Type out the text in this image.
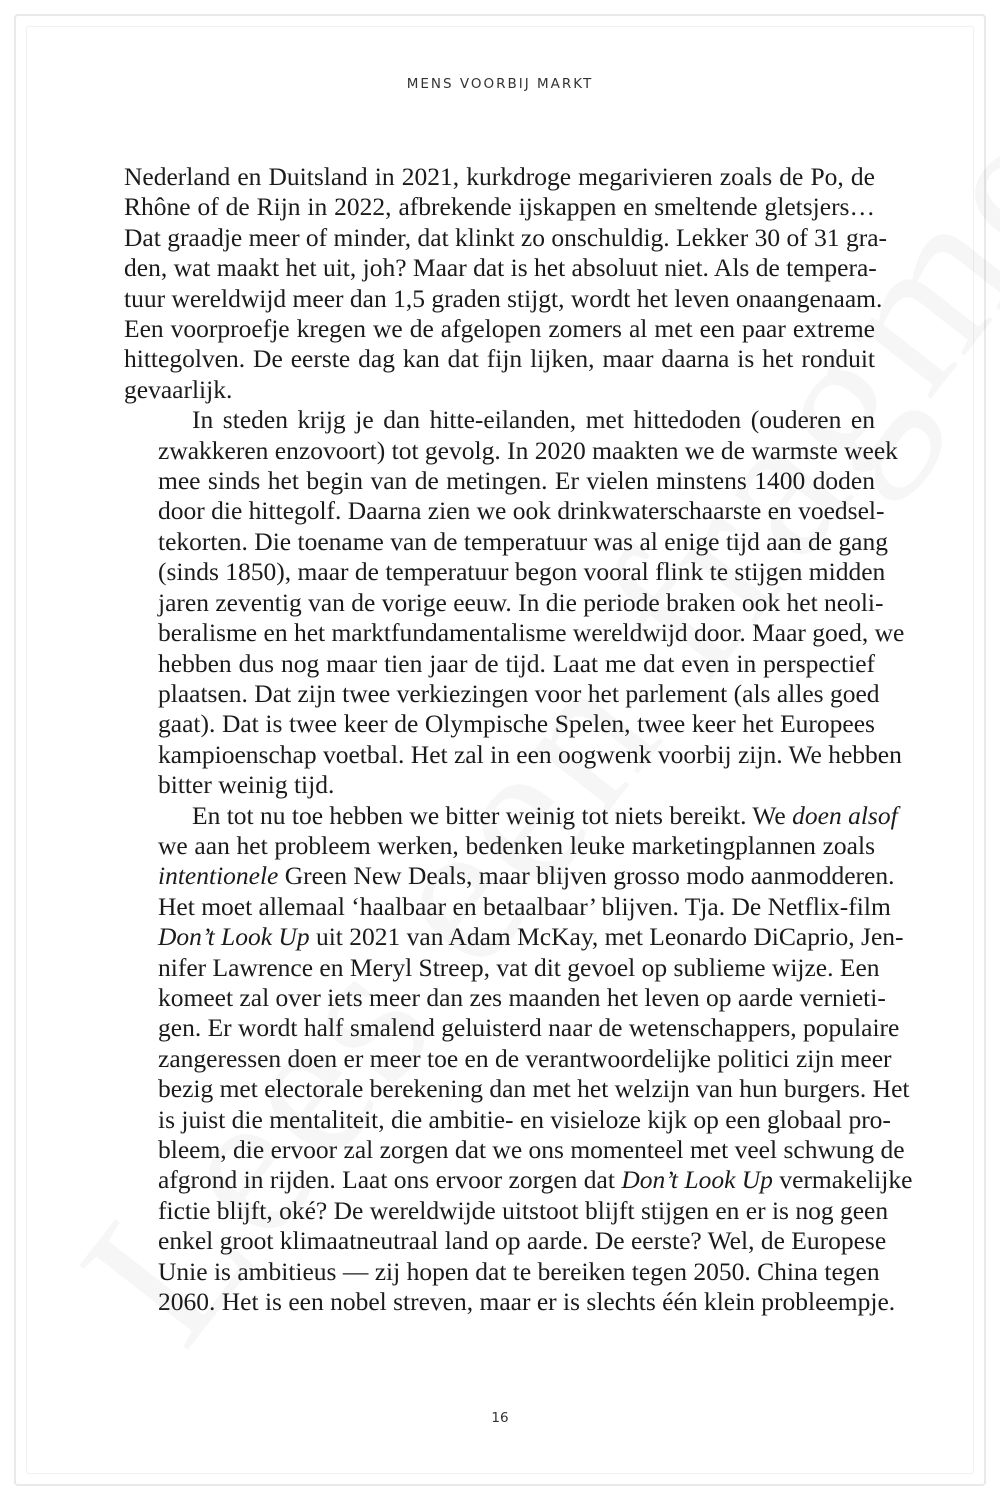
MENS VOORBIJ MARKT

Nederland en Duitsland in 2021, kurkdroge megarivieren zoals de Po, de
Rhône of de Rijn in 2022, afbrekende ijskappen en smeltende gletsjers…
Dat graadje meer of minder, dat klinkt zo onschuldig. Lekker 30 of 31 gra-
den, wat maakt het uit, joh? Maar dat is het absoluut niet. Als de tempera-
tuur wereldwijd meer dan 1,5 graden stijgt, wordt het leven onaangenaam.
Een voorproefje kregen we de afgelopen zomers al met een paar extreme
hittegolven. De eerste dag kan dat fijn lijken, maar daarna is het ronduit
gevaarlijk.

In steden krijg je dan hitte-eilanden, met hittedoden (ouderen en
zwakkeren enzovoort) tot gevolg. In 2020 maakten we de warmste week
mee sinds het begin van de metingen. Er vielen minstens 1400 doden
door die hittegolf. Daarna zien we ook drinkwaterschaarste en voedsel-
tekorten. Die toename van de temperatuur was al enige tijd aan de gang
(sinds 1850), maar de temperatuur begon vooral flink te stijgen midden
jaren zeventig van de vorige eeuw. In die periode braken ook het neoli-
beralisme en het marktfundamentalisme wereldwijd door. Maar goed, we
hebben dus nog maar tien jaar de tijd. Laat me dat even in perspectief
plaatsen. Dat zijn twee verkiezingen voor het parlement (als alles goed
gaat). Dat is twee keer de Olympische Spelen, twee keer het Europees
kampioenschap voetbal. Het zal in een oogwenk voorbij zijn. We hebben
bitter weinig tijd.

En tot nu toe hebben we bitter weinig tot niets bereikt. We doen alsof
we aan het probleem werken, bedenken leuke marketingplannen zoals
intentionele Green New Deals, maar blijven grosso modo aanmodderen.
Het moet allemaal ‘haalbaar en betaalbaar’ blijven. Tja. De Netflix-film
Don’t Look Up uit 2021 van Adam McKay, met Leonardo DiCaprio, Jen-
nifer Lawrence en Meryl Streep, vat dit gevoel op sublieme wijze. Een
komeet zal over iets meer dan zes maanden het leven op aarde vernieti-
gen. Er wordt half smalend geluisterd naar de wetenschappers, populaire
zangeressen doen er meer toe en de verantwoordelijke politici zijn meer
bezig met electorale berekening dan met het welzijn van hun burgers. Het
is juist die mentaliteit, die ambitie- en visieloze kijk op een globaal pro-
bleem, die ervoor zal zorgen dat we ons momenteel met veel schwung de
afgrond in rijden. Laat ons ervoor zorgen dat Don’t Look Up vermakelijke
fictie blijft, oké? De wereldwijde uitstoot blijft stijgen en er is nog geen
enkel groot klimaatneutraal land op aarde. De eerste? Wel, de Europese
Unie is ambitieus — zij hopen dat te bereiken tegen 2050. China tegen
2060. Het is een nobel streven, maar er is slechts één klein probleempje.

16
